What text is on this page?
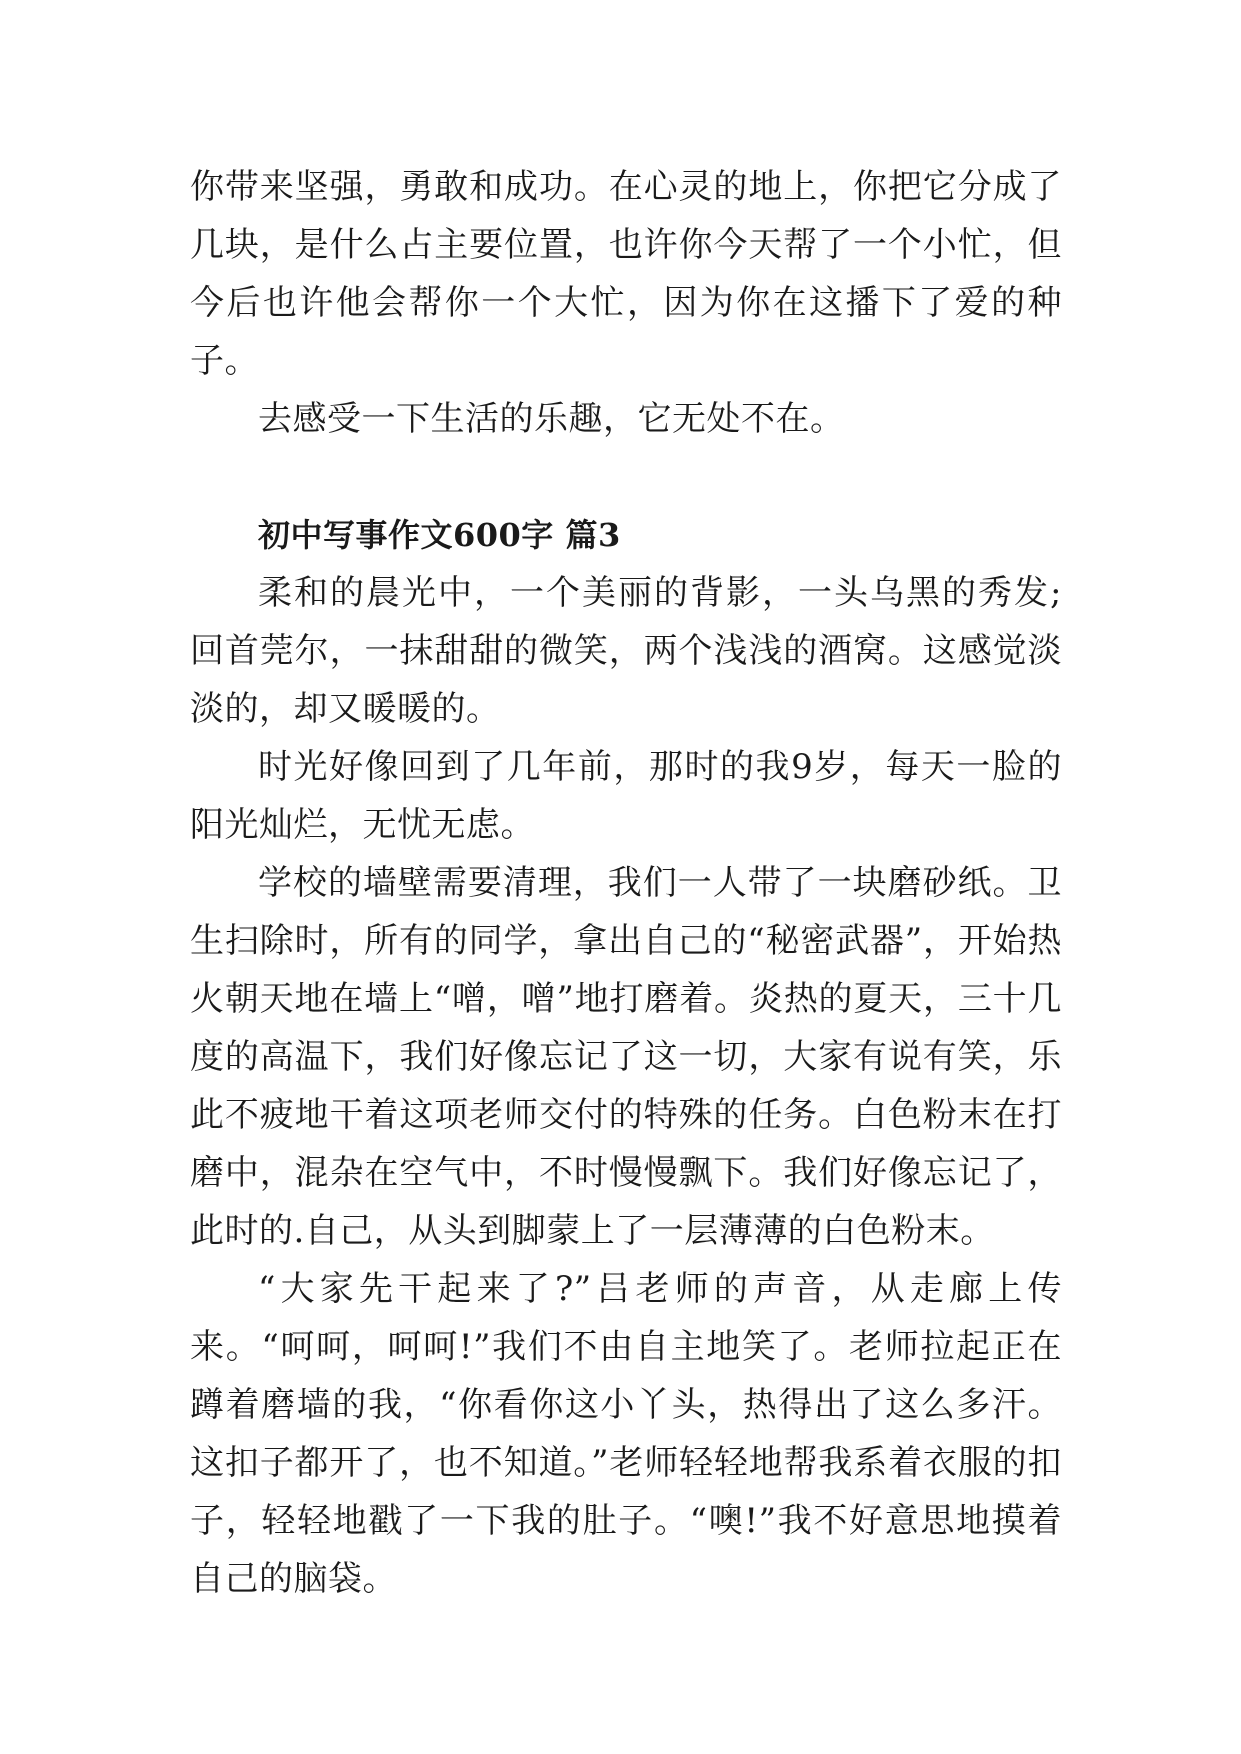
你带来坚强，勇敢和成功。在心灵的地上，你把它分成了几块，是什么占主要位置，也许你今天帮了一个小忙，但今后也许他会帮你一个大忙，因为你在这播下了爱的种子。

去感受一下生活的乐趣，它无处不在。

初中写事作文600字 篇3

柔和的晨光中，一个美丽的背影，一头乌黑的秀发;回首莞尔，一抹甜甜的微笑，两个浅浅的酒窝。这感觉淡淡的，却又暖暖的。

时光好像回到了几年前，那时的我9岁，每天一脸的阳光灿烂，无忧无虑。

学校的墙壁需要清理，我们一人带了一块磨砂纸。卫生扫除时，所有的同学，拿出自己的“秘密武器”，开始热火朝天地在墙上“噌，噌”地打磨着。炎热的夏天，三十几度的高温下，我们好像忘记了这一切，大家有说有笑，乐此不疲地干着这项老师交付的特殊的任务。白色粉末在打磨中，混杂在空气中，不时慢慢飘下。我们好像忘记了，此时的.自己，从头到脚蒙上了一层薄薄的白色粉末。

“大家先干起来了?”吕老师的声音，从走廊上传来。“呵呵，呵呵!”我们不由自主地笑了。老师拉起正在蹲着磨墙的我，“你看你这小丫头，热得出了这么多汗。这扣子都开了，也不知道。”老师轻轻地帮我系着衣服的扣子，轻轻地戳了一下我的肚子。“噢!”我不好意思地摸着自己的脑袋。
